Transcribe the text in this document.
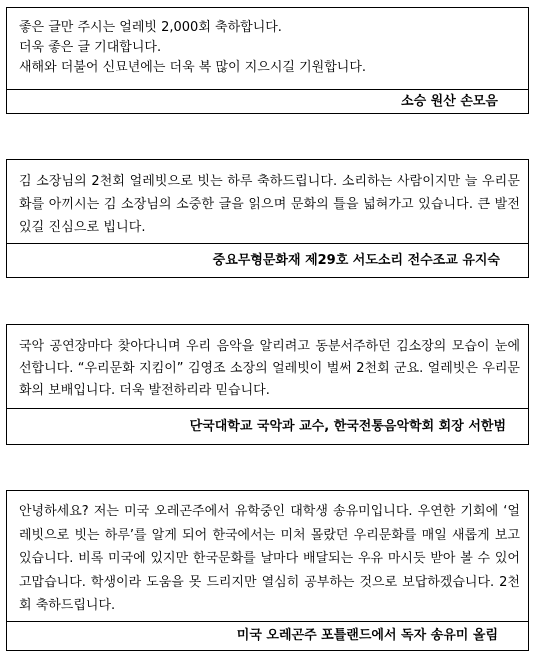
좋은 글만 주시는 얼레빗 2,000회 축하합니다.
더욱 좋은 글 기대합니다.
새해와 더불어 신묘년에는 더욱 복 많이 지으시길 기원합니다.

소승 원산 손모음

김 소장님의 2천회 얼레빗으로 빗는 하루 축하드립니다. 소리하는 사람이지만 늘 우리문화를 아끼시는 김 소장님의 소중한 글을 읽으며 문화의 틀을 넓혀가고 있습니다. 큰 발전 있길 진심으로 빕니다.

중요무형문화재 제29호 서도소리 전수조교 유지숙

국악 공연장마다 찾아다니며 우리 음악을 알리려고 동분서주하던 김소장의 모습이 눈에 선합니다. “우리문화 지킴이” 김영조 소장의 얼레빗이 벌써 2천회 군요. 얼레빗은 우리문화의 보배입니다. 더욱 발전하리라 믿습니다.

단국대학교 국악과 교수, 한국전통음악학회 회장 서한범

안녕하세요? 저는 미국 오레곤주에서 유학중인 대학생 송유미입니다. 우연한 기회에 ‘얼레빗으로 빗는 하루’를 알게 되어 한국에서는 미처 몰랐던 우리문화를 매일 새롭게 보고 있습니다. 비록 미국에 있지만 한국문화를 날마다 배달되는 우유 마시듯 받아 볼 수 있어 고맙습니다. 학생이라 도움을 못 드리지만 열심히 공부하는 것으로 보답하겠습니다. 2천회 축하드립니다.

미국 오레곤주 포틀랜드에서 독자 송유미 올림
